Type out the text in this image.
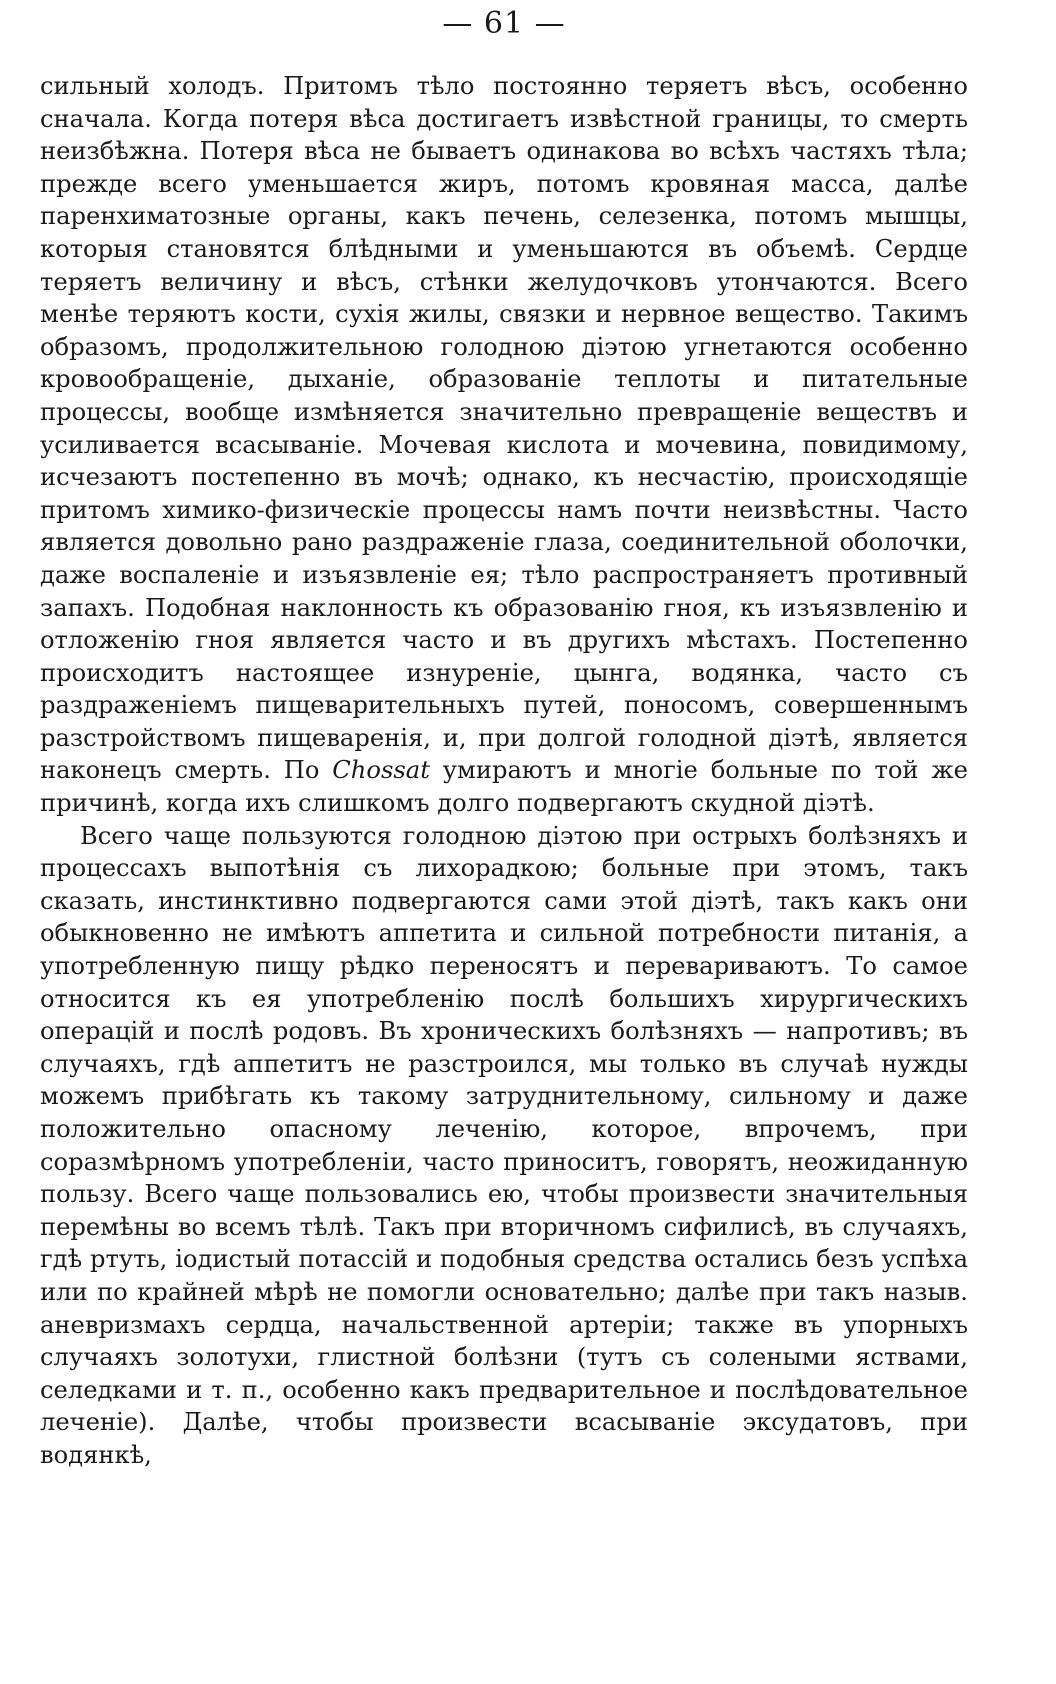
— 61 —

сильный холодъ. Притомъ тѣло постоянно теряетъ вѣсъ, особенно сначала. Когда потеря вѣса достигаетъ извѣстной границы, то смерть неизбѣжна. Потеря вѣса не бываетъ одинакова во всѣхъ частяхъ тѣла; прежде всего уменьшается жиръ, потомъ кровяная масса, далѣе паренхиматозные органы, какъ печень, селезенка, потомъ мышцы, которыя становятся блѣдными и уменьшаются въ объемѣ. Сердце теряетъ величину и вѣсъ, стѣнки желудочковъ утончаются. Всего менѣе теряютъ кости, сухія жилы, связки и нервное вещество. Такимъ образомъ, продолжительною голодною діэтою угнетаются особенно кровообращеніе, дыханіе, образованіе теплоты и питательные процессы, вообще измѣняется значительно превращеніе веществъ и усиливается всасываніе. Мочевая кислота и мочевина, повидимому, исчезаютъ постепенно въ мочѣ; однако, къ несчастію, происходящіе притомъ химико-физическіе процессы намъ почти неизвѣстны. Часто является довольно рано раздраженіе глаза, соединительной оболочки, даже воспаленіе и изъязвленіе ея; тѣло распространяетъ противный запахъ. Подобная наклонность къ образованію гноя, къ изъязвленію и отложенію гноя является часто и въ другихъ мѣстахъ. Постепенно происходитъ настоящее изнуреніе, цынга, водянка, часто съ раздраженіемъ пищеварительныхъ путей, поносомъ, совершеннымъ разстройствомъ пищеваренія, и, при долгой голодной діэтѣ, является наконецъ смерть. По Chossat умираютъ и многіе больные по той же причинѣ, когда ихъ слишкомъ долго подвергаютъ скудной діэтѣ.

Всего чаще пользуются голодною діэтою при острыхъ болѣзняхъ и процессахъ выпотѣнія съ лихорадкою; больные при этомъ, такъ сказать, инстинктивно подвергаются сами этой діэтѣ, такъ какъ они обыкновенно не имѣютъ аппетита и сильной потребности питанія, а употребленную пищу рѣдко переносятъ и перевариваютъ. То самое относится къ ея употребленію послѣ большихъ хирургическихъ операцій и послѣ родовъ. Въ хроническихъ болѣзняхъ — напротивъ; въ случаяхъ, гдѣ аппетитъ не разстроился, мы только въ случаѣ нужды можемъ прибѣгать къ такому затруднительному, сильному и даже положительно опасному леченію, которое, впрочемъ, при соразмѣрномъ употребленіи, часто приноситъ, говорятъ, неожиданную пользу. Всего чаще пользовались ею, чтобы произвести значительныя перемѣны во всемъ тѣлѣ. Такъ при вторичномъ сифилисѣ, въ случаяхъ, гдѣ ртуть, іодистый потассій и подобныя средства остались безъ успѣха или по крайней мѣрѣ не помогли основательно; далѣе при такъ назыв. аневризмахъ сердца, начальственной артеріи; также въ упорныхъ случаяхъ золотухи, глистной болѣзни (тутъ съ солеными яствами, селедками и т. п., особенно какъ предварительное и послѣдовательное леченіе). Далѣе, чтобы произвести всасываніе эксудатовъ, при водянкѣ,
